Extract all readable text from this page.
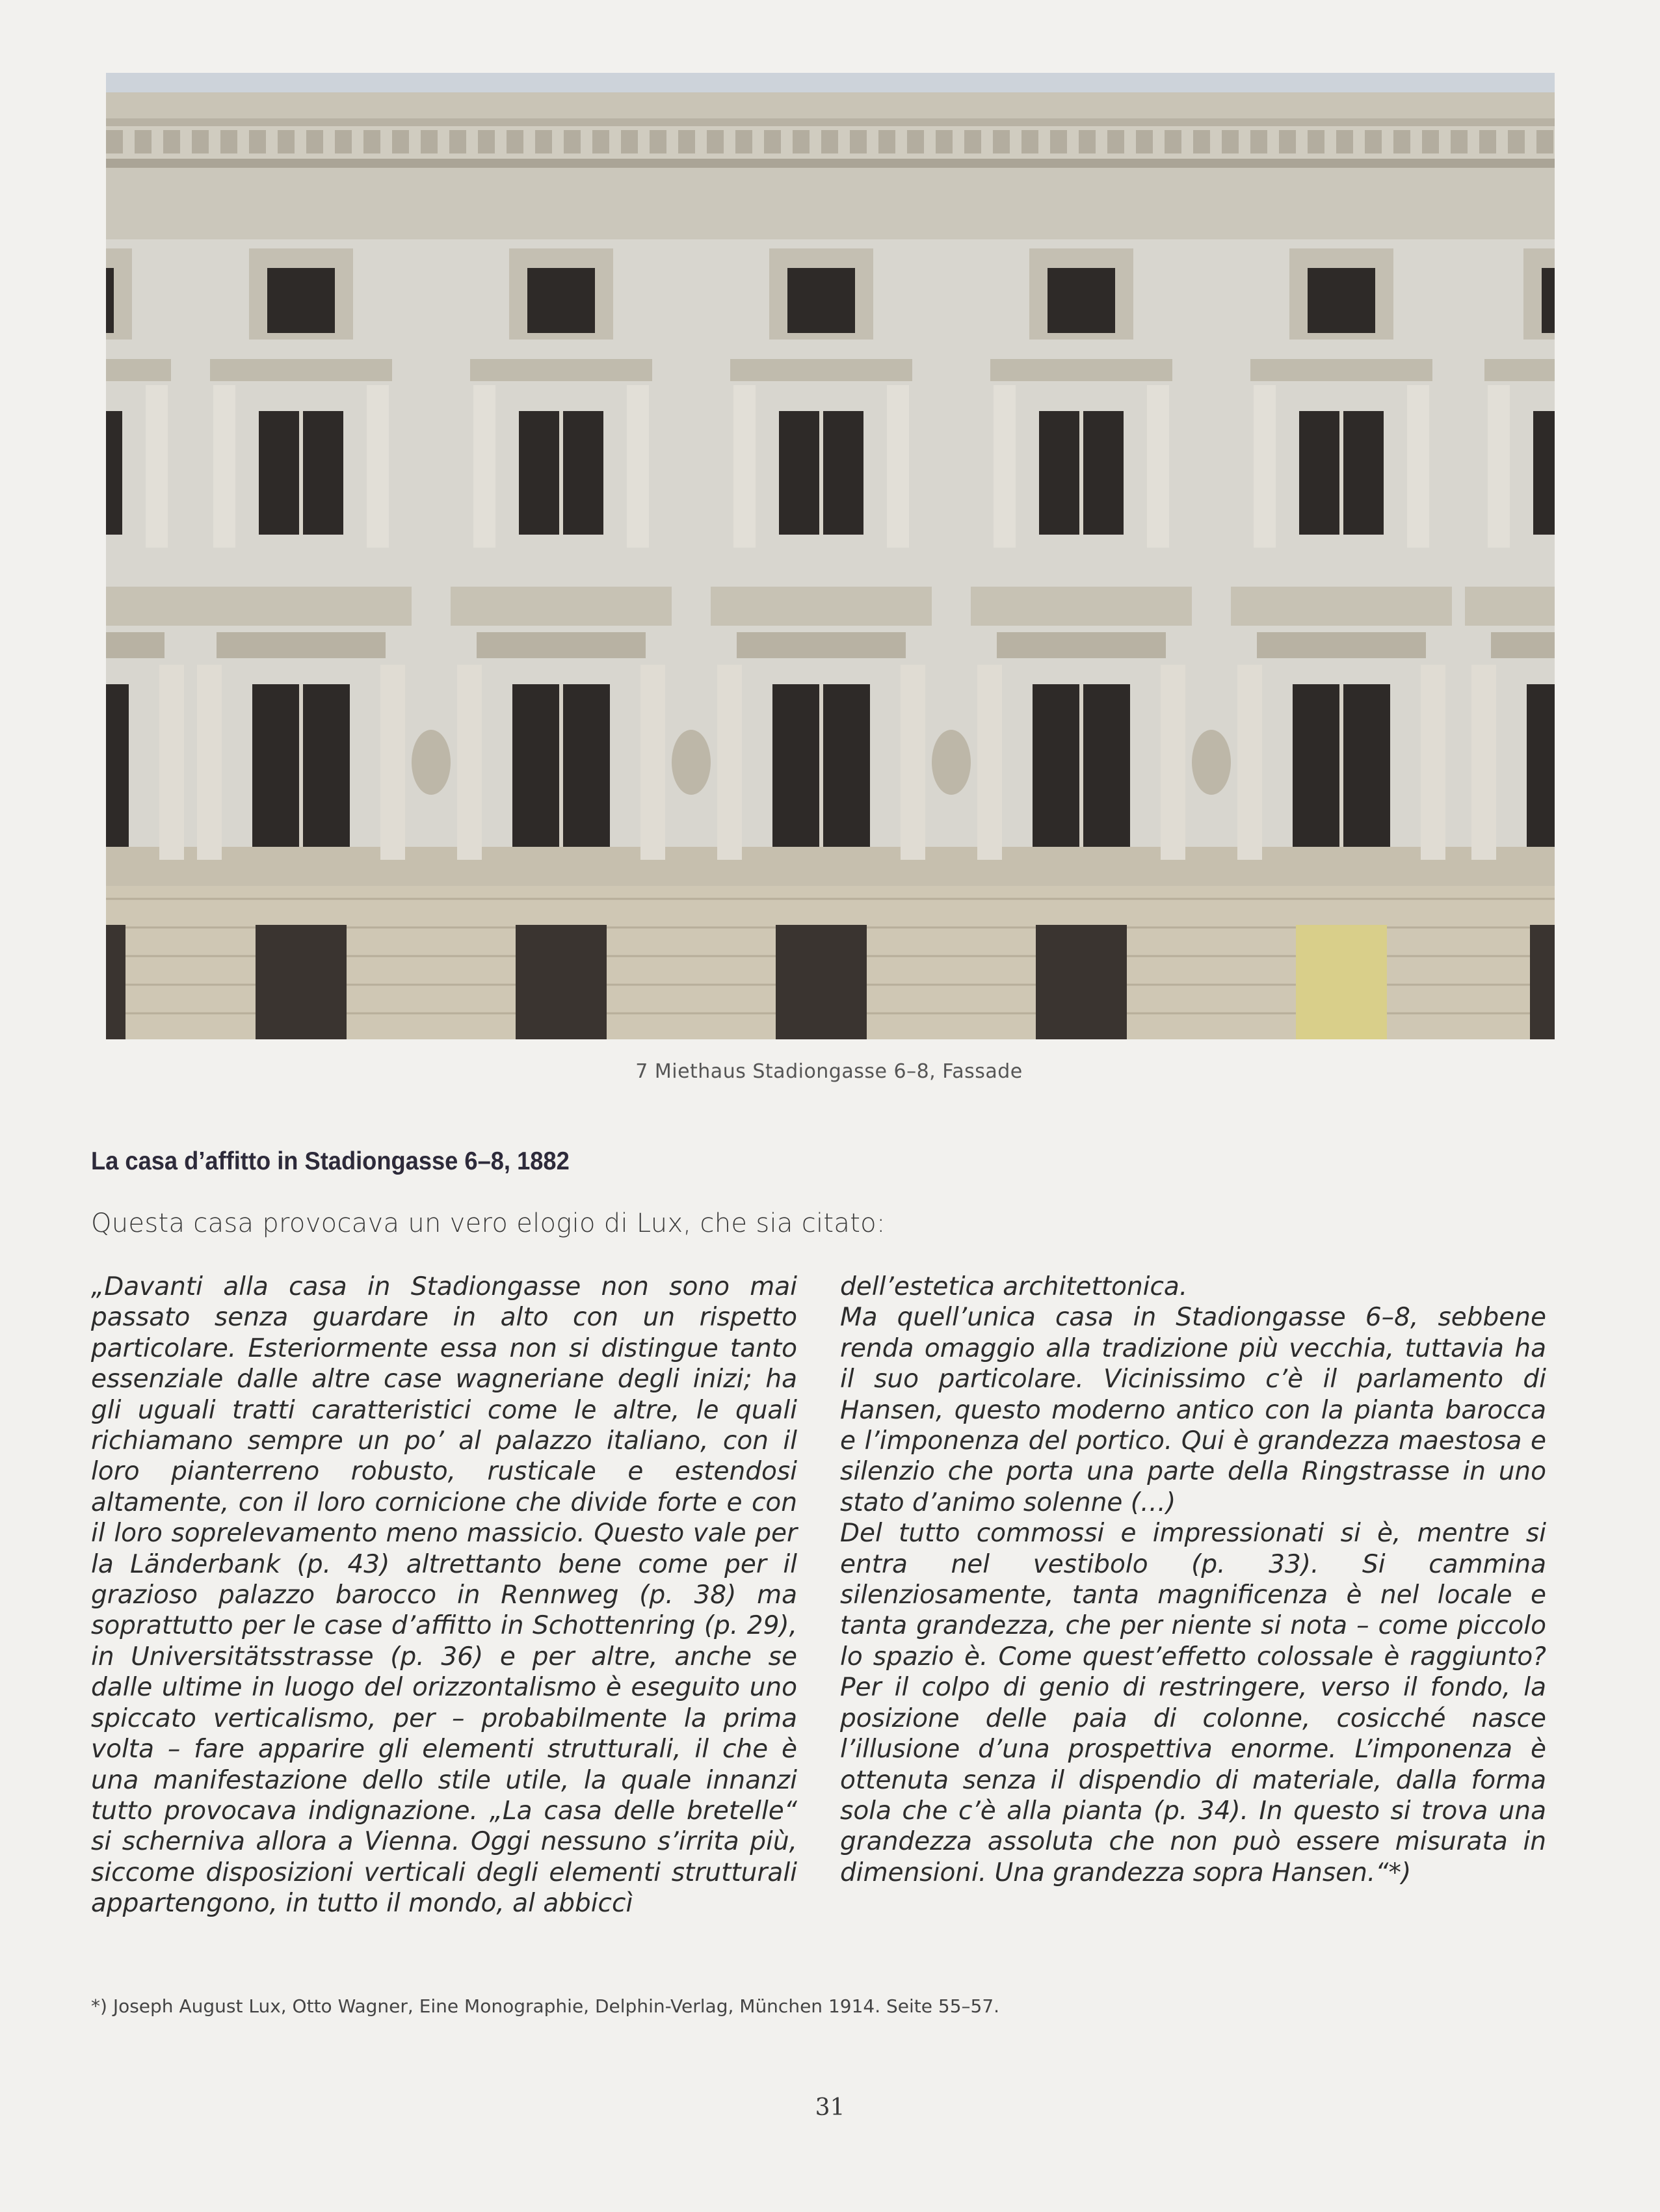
7 Miethaus Stadiongasse 6–8, Fassade
La casa d’affitto in Stadiongasse 6–8, 1882
Questa casa provocava un vero elogio di Lux, che sia citato:

„Davanti alla casa in Stadiongasse non sono mai passato senza guardare in alto con un rispetto particolare. Esteriormente essa non si distingue tanto essenziale dalle altre case wagneriane degli inizi; ha gli uguali tratti caratteristici come le altre, le quali richiamano sempre un po’ al palazzo italiano, con il loro pianterreno robusto, rusticale e estendosi altamente, con il loro cornicione che divide forte e con il loro soprelevamento meno massicio. Questo vale per la Länderbank (p. 43) altrettanto bene come per il grazioso palazzo barocco in Rennweg (p. 38) ma soprattutto per le case d’affitto in Schottenring (p. 29), in Universitätsstrasse (p. 36) e per altre, anche se dalle ultime in luogo del orizzontalismo è eseguito uno spiccato verticalismo, per – probabilmente la prima volta – fare apparire gli elementi strutturali, il che è una manifestazione dello stile utile, la quale innanzi tutto provocava indignazione. „La casa delle bretelle“ si scherniva allora a Vienna. Oggi nessuno s’irrita più, siccome disposizioni verticali degli elementi strutturali appartengono, in tutto il mondo, al abbiccì

dell’estetica architettonica.

Ma quell’unica casa in Stadiongasse 6–8, sebbene renda omaggio alla tradizione più vecchia, tuttavia ha il suo particolare. Vicinissimo c’è il parlamento di Hansen, questo moderno antico con la pianta barocca e l’imponenza del portico. Qui è grandezza maestosa e silenzio che porta una parte della Ringstrasse in uno stato d’animo solenne (…)

Del tutto commossi e impressionati si è, mentre si entra nel vestibolo (p. 33). Si cammina silenziosamente, tanta magnificenza è nel locale e tanta grandezza, che per niente si nota – come piccolo lo spazio è. Come quest’effetto colossale è raggiunto? Per il colpo di genio di restringere, verso il fondo, la posizione delle paia di colonne, cosicché nasce l’illusione d’una prospettiva enorme. L’imponenza è ottenuta senza il dispendio di materiale, dalla forma sola che c’è alla pianta (p. 34). In questo si trova una grandezza assoluta che non può essere misurata in dimensioni. Una grandezza sopra Hansen.“*)

*) Joseph August Lux, Otto Wagner, Eine Monographie, Delphin-Verlag, München 1914. Seite 55–57.
31
